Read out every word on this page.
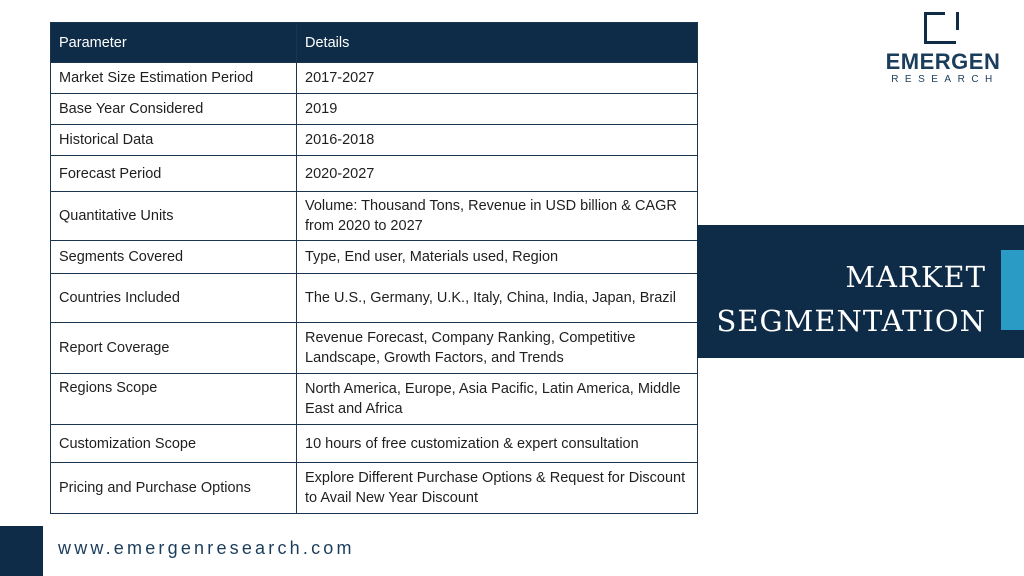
Parameter	Details
Market Size Estimation Period	2017-2027
Base Year Considered	2019
Historical Data	2016-2018
Forecast Period	2020-2027
Quantitative Units	Volume: Thousand Tons, Revenue in USD billion & CAGR from 2020 to 2027
Segments Covered	Type, End user, Materials used, Region
Countries Included	The U.S., Germany, U.K., Italy, China, India, Japan, Brazil
Report Coverage	Revenue Forecast, Company Ranking, Competitive Landscape, Growth Factors, and Trends
Regions Scope	North America, Europe, Asia Pacific, Latin America, Middle East and Africa
Customization Scope	10 hours of free customization & expert consultation
Pricing and Purchase Options	Explore Different Purchase Options & Request for Discount to Avail New Year Discount
EMERGEN
RESEARCH
MARKET
SEGMENTATION
www.emergenresearch.com
